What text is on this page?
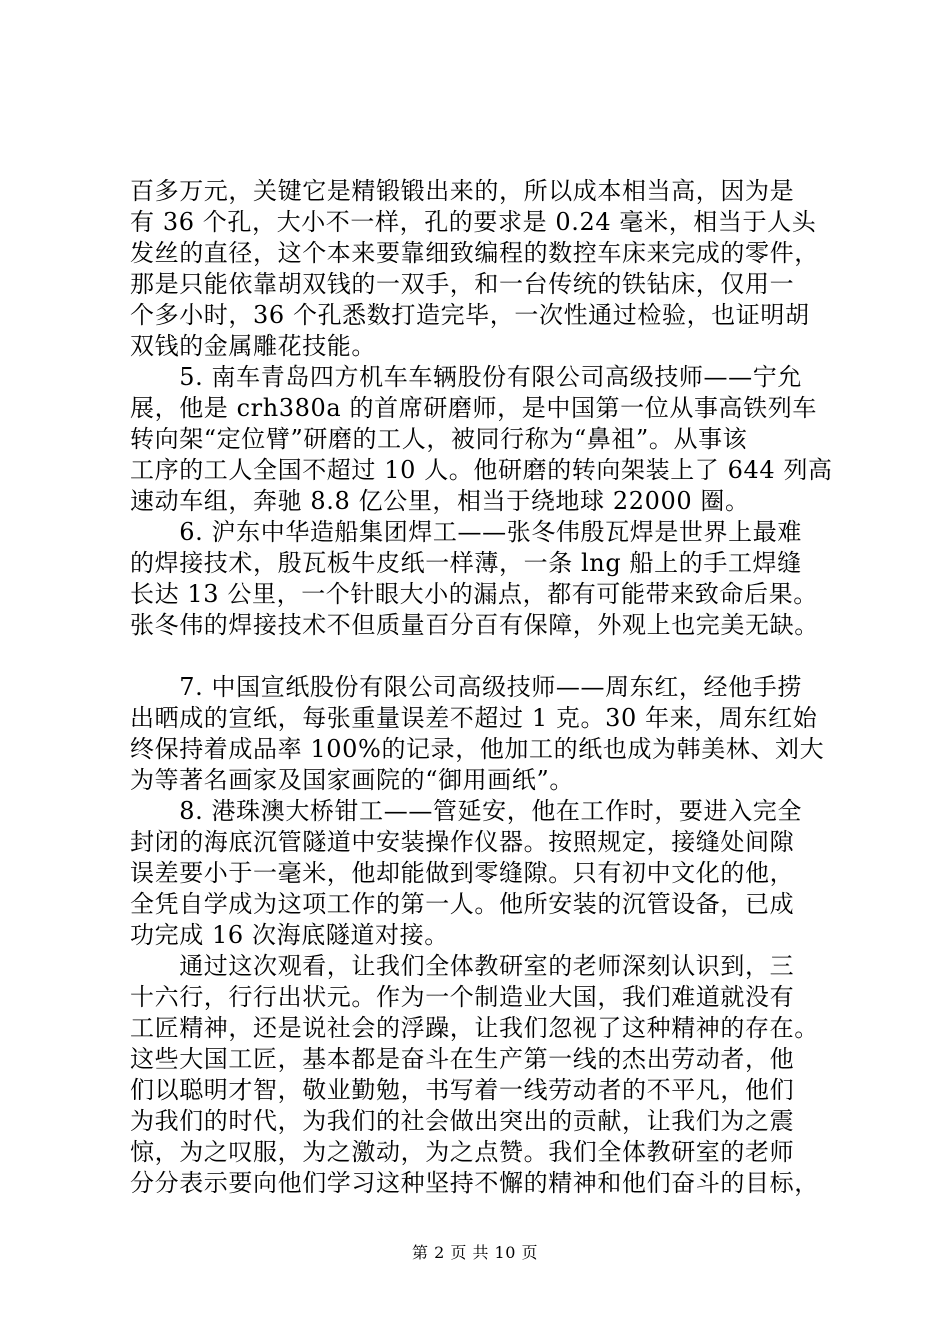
百多万元，关键它是精锻锻出来的，所以成本相当高，因为是
有 36 个孔，大小不一样，孔的要求是 0.24 毫米，相当于人头
发丝的直径，这个本来要靠细致编程的数控车床来完成的零件，
那是只能依靠胡双钱的一双手，和一台传统的铁钻床，仅用一
个多小时，36 个孔悉数打造完毕，一次性通过检验，也证明胡
双钱的金属雕花技能。
　　5. 南车青岛四方机车车辆股份有限公司高级技师——宁允
展，他是 crh380a 的首席研磨师，是中国第一位从事高铁列车
转向架“定位臂”研磨的工人，被同行称为“鼻祖”。从事该
工序的工人全国不超过 10 人。他研磨的转向架装上了 644 列高
速动车组，奔驰 8.8 亿公里，相当于绕地球 22000 圈。
　　6. 沪东中华造船集团焊工——张冬伟殷瓦焊是世界上最难
的焊接技术，殷瓦板牛皮纸一样薄，一条 lng 船上的手工焊缝
长达 13 公里，一个针眼大小的漏点，都有可能带来致命后果。
张冬伟的焊接技术不但质量百分百有保障，外观上也完美无缺。
　　7. 中国宣纸股份有限公司高级技师——周东红，经他手捞
出晒成的宣纸，每张重量误差不超过 1 克。30 年来，周东红始
终保持着成品率 100%的记录，他加工的纸也成为韩美林、刘大
为等著名画家及国家画院的“御用画纸”。
　　8. 港珠澳大桥钳工——管延安，他在工作时，要进入完全
封闭的海底沉管隧道中安装操作仪器。按照规定，接缝处间隙
误差要小于一毫米，他却能做到零缝隙。只有初中文化的他，
全凭自学成为这项工作的第一人。他所安装的沉管设备，已成
功完成 16 次海底隧道对接。
　　通过这次观看，让我们全体教研室的老师深刻认识到，三
十六行，行行出状元。作为一个制造业大国，我们难道就没有
工匠精神，还是说社会的浮躁，让我们忽视了这种精神的存在。
这些大国工匠，基本都是奋斗在生产第一线的杰出劳动者，他
们以聪明才智，敬业勤勉，书写着一线劳动者的不平凡，他们
为我们的时代，为我们的社会做出突出的贡献，让我们为之震
惊，为之叹服，为之激动，为之点赞。我们全体教研室的老师
分分表示要向他们学习这种坚持不懈的精神和他们奋斗的目标，
第 2 页 共 10 页
